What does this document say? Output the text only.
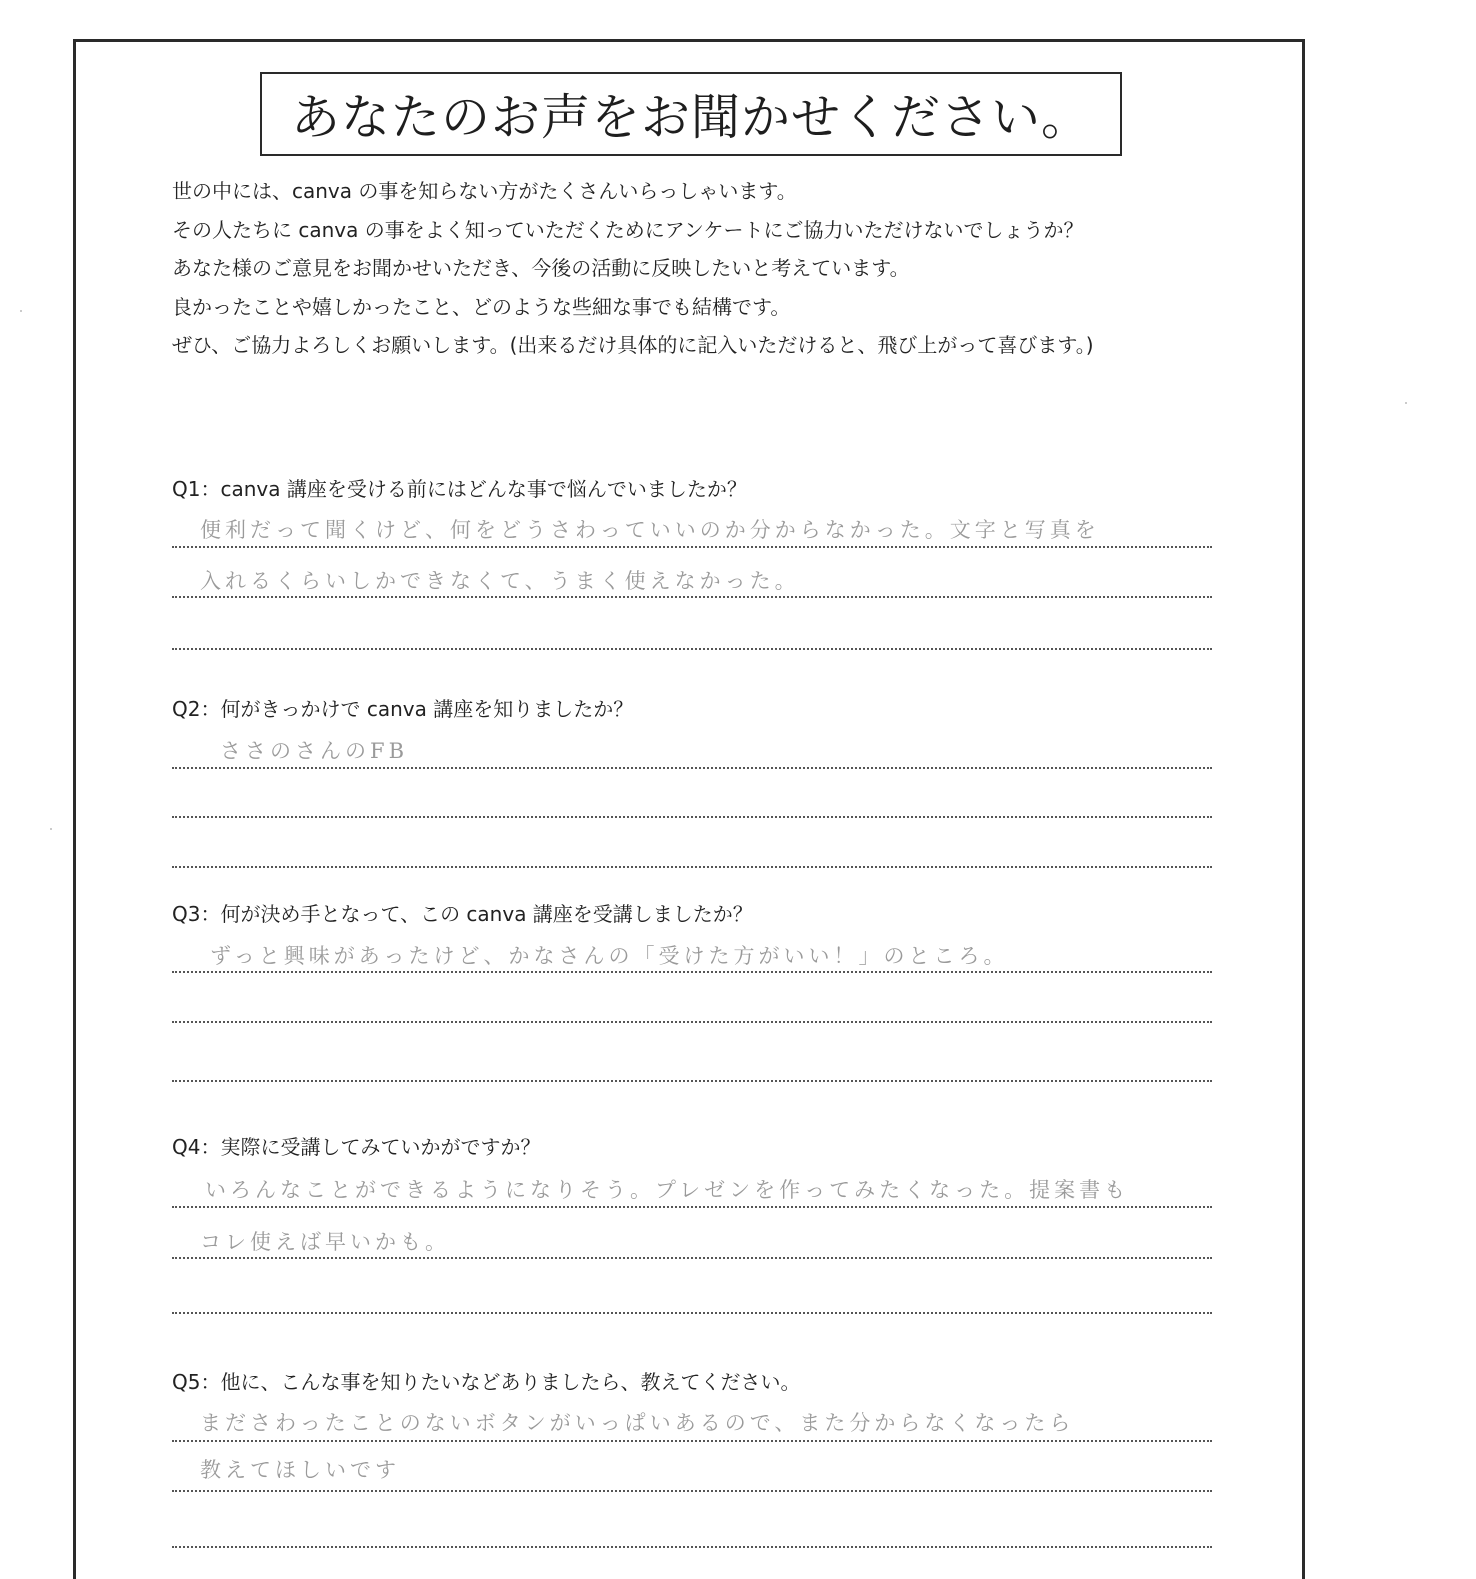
あなたのお声をお聞かせください。
世の中には、canva の事を知らない方がたくさんいらっしゃいます。
その人たちに canva の事をよく知っていただくためにアンケートにご協力いただけないでしょうか？
あなた様のご意見をお聞かせいただき、今後の活動に反映したいと考えています。
良かったことや嬉しかったこと、どのような些細な事でも結構です。
ぜひ、ご協力よろしくお願いします。(出来るだけ具体的に記入いただけると、飛び上がって喜びます。)
Q1：canva 講座を受ける前にはどんな事で悩んでいましたか？
便利だって聞くけど、何をどうさわっていいのか分からなかった。文字と写真を
入れるくらいしかできなくて、うまく使えなかった。
Q2：何がきっかけで canva 講座を知りましたか？
ささのさんのFB
Q3：何が決め手となって、この canva 講座を受講しましたか？
ずっと興味があったけど、かなさんの「受けた方がいい！」のところ。
Q4：実際に受講してみていかがですか？
いろんなことができるようになりそう。プレゼンを作ってみたくなった。提案書も
コレ使えば早いかも。
Q5：他に、こんな事を知りたいなどありましたら、教えてください。
まださわったことのないボタンがいっぱいあるので、また分からなくなったら
教えてほしいです
